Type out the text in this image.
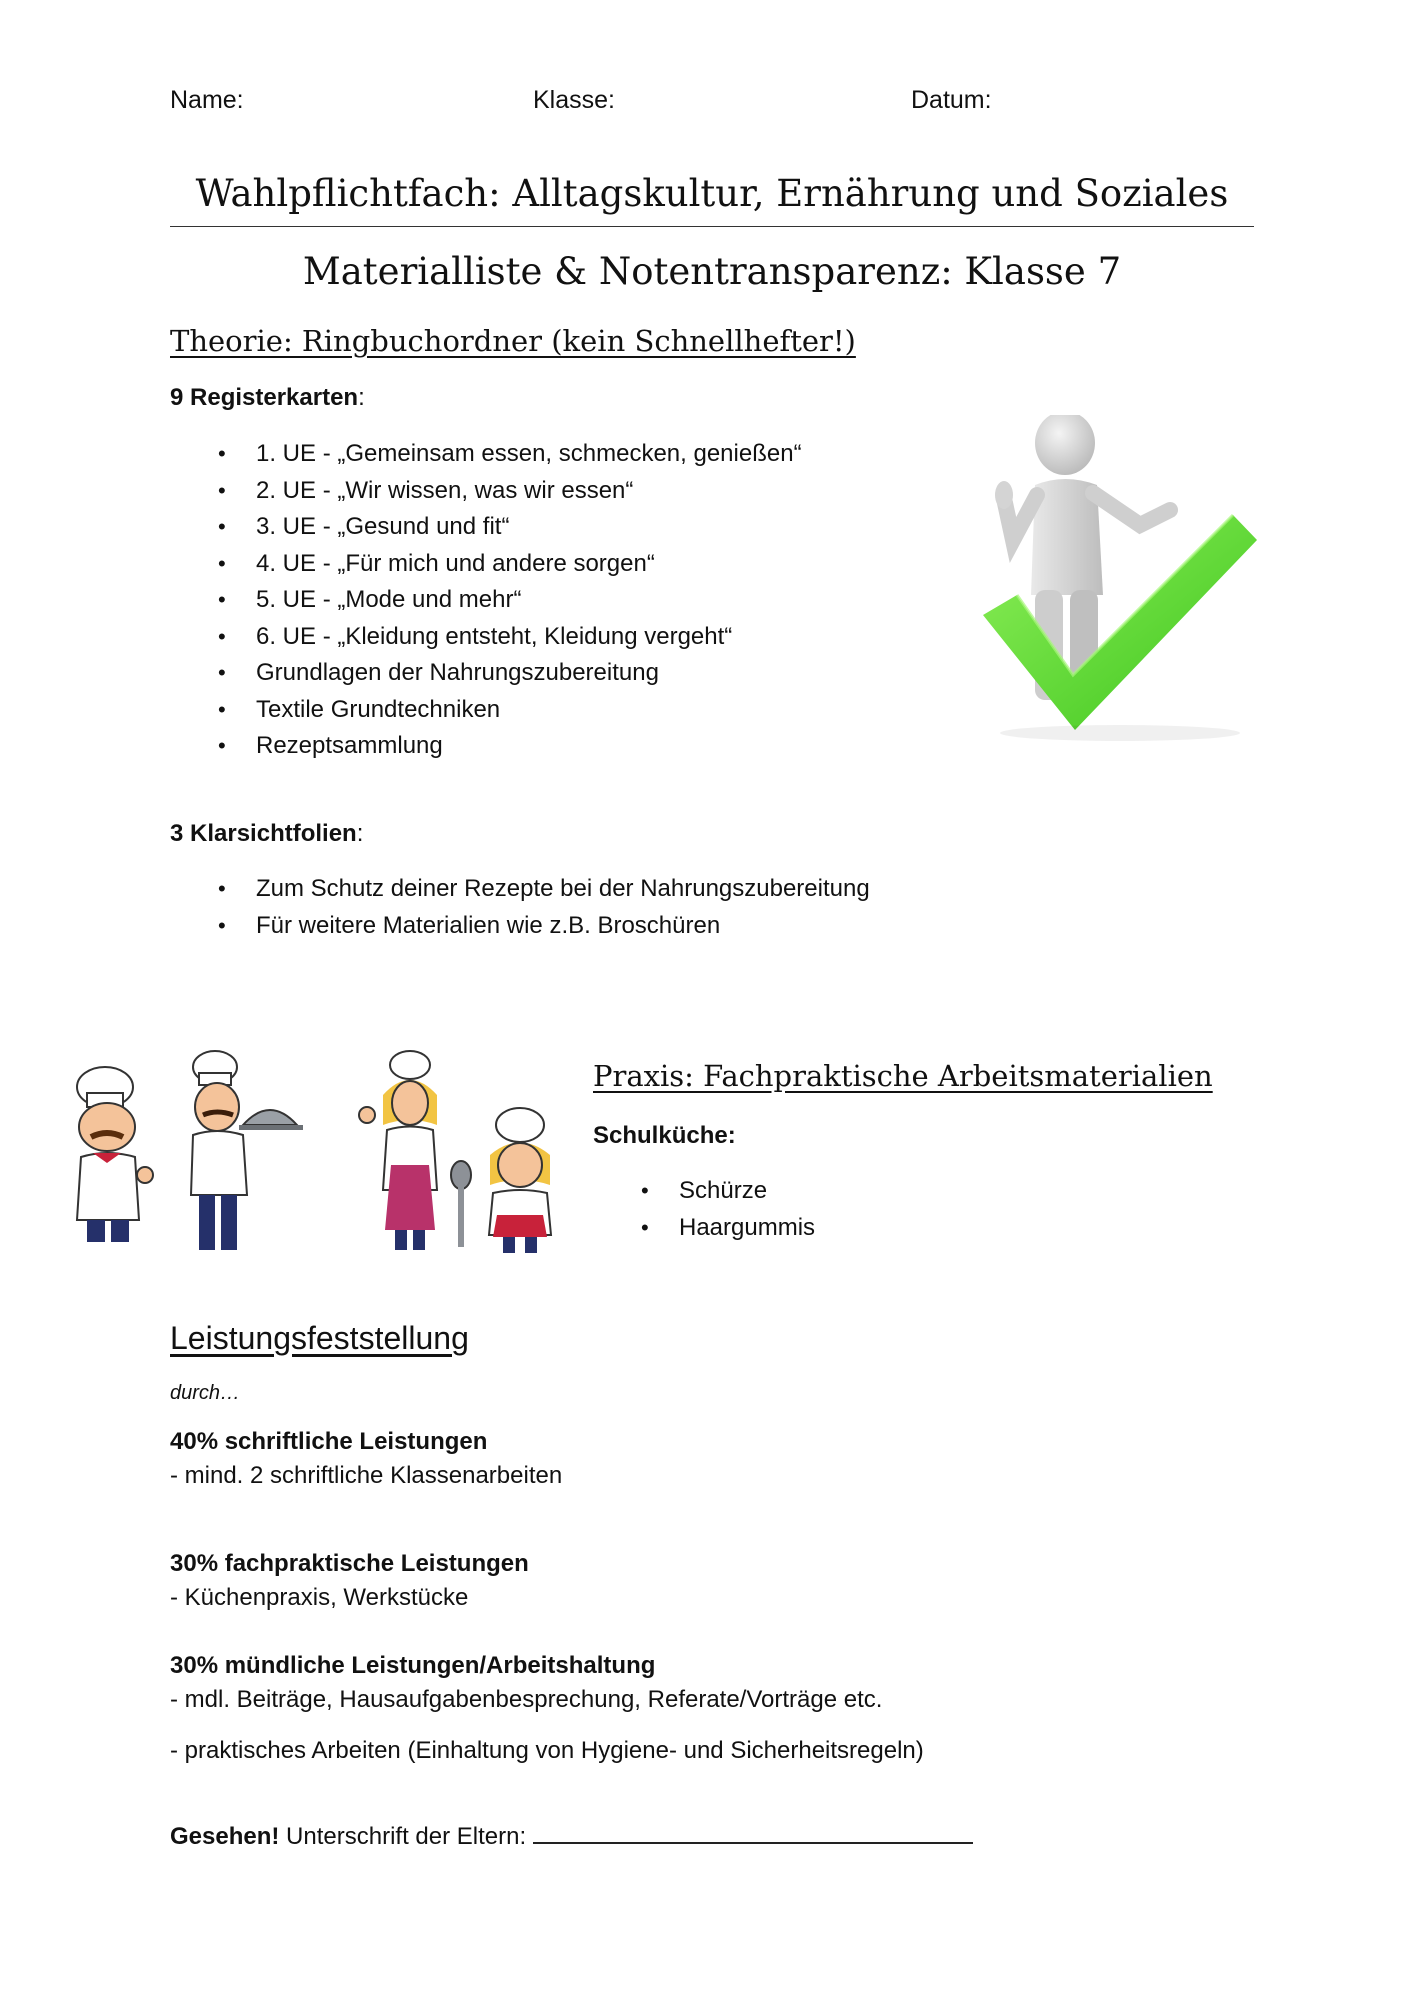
Name:	Klasse:	Datum:
Wahlpflichtfach: Alltagskultur, Ernährung und Soziales
Materialliste & Notentransparenz: Klasse 7
Theorie: Ringbuchordner (kein Schnellhefter!)
9 Registerkarten:
• 1. UE - „Gemeinsam essen, schmecken, genießen“
• 2. UE - „Wir wissen, was wir essen“
• 3. UE - „Gesund und fit“
• 4. UE - „Für mich und andere sorgen“
• 5. UE - „Mode und mehr“
• 6. UE - „Kleidung entsteht, Kleidung vergeht“
• Grundlagen der Nahrungszubereitung
• Textile Grundtechniken
• Rezeptsammlung
3 Klarsichtfolien:
• Zum Schutz deiner Rezepte bei der Nahrungszubereitung
• Für weitere Materialien wie z.B. Broschüren
Praxis: Fachpraktische Arbeitsmaterialien
Schulküche:
• Schürze
• Haargummis
Leistungsfeststellung
durch…
40% schriftliche Leistungen
- mind. 2 schriftliche Klassenarbeiten
30% fachpraktische Leistungen
- Küchenpraxis, Werkstücke
30% mündliche Leistungen/Arbeitshaltung
- mdl. Beiträge, Hausaufgabenbesprechung, Referate/Vorträge etc.
- praktisches Arbeiten (Einhaltung von Hygiene- und Sicherheitsregeln)
Gesehen! Unterschrift der Eltern:
